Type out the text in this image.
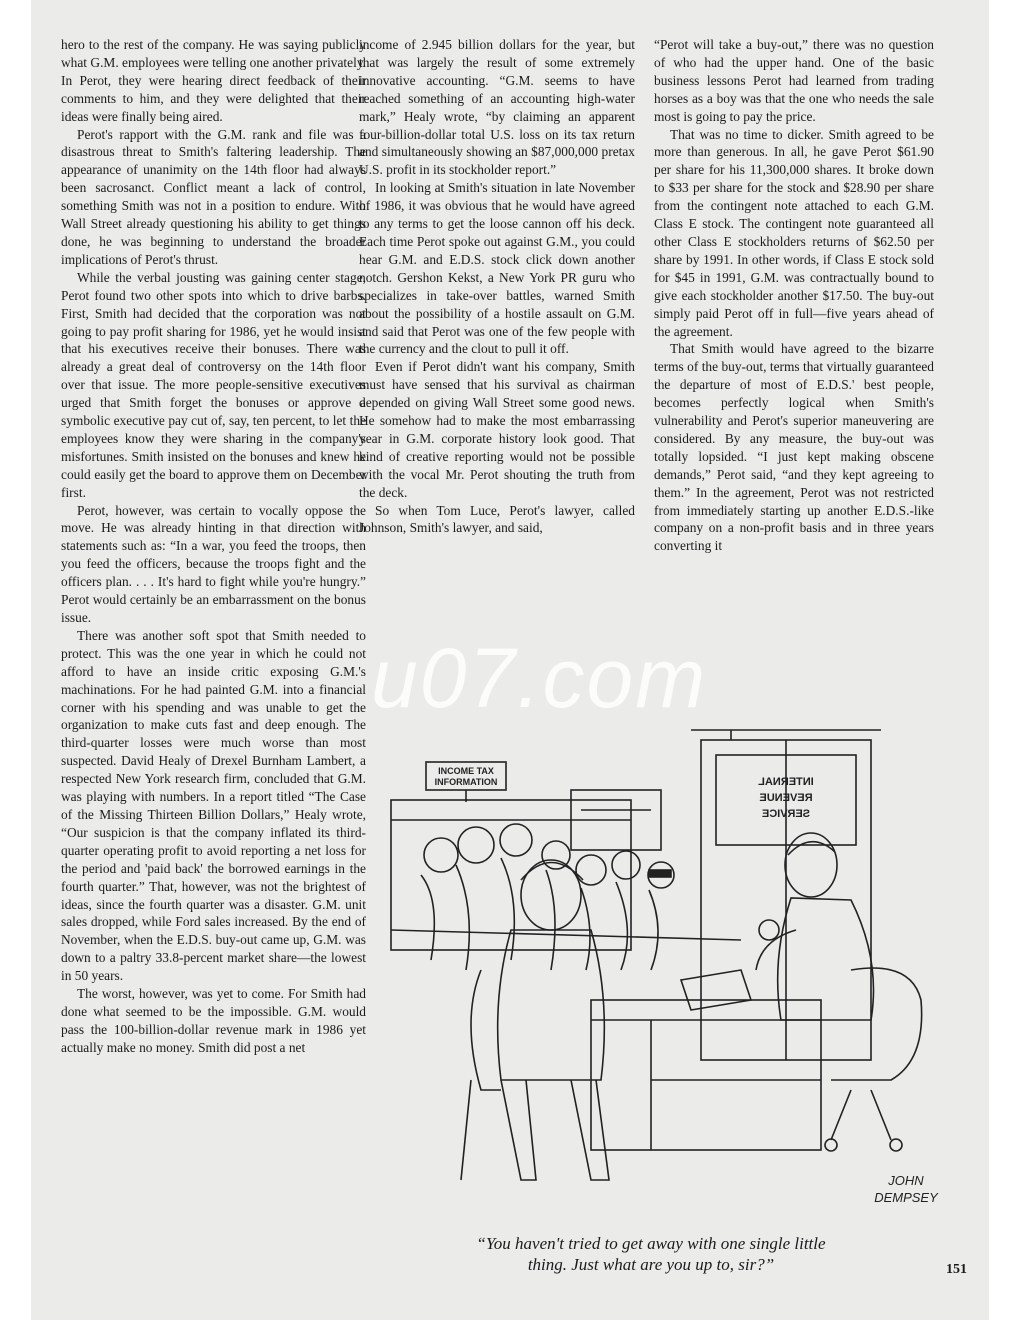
hero to the rest of the company. He was saying publicly what G.M. employees were telling one another privately. In Perot, they were hearing direct feedback of their comments to him, and they were delighted that their ideas were finally being aired.

Perot's rapport with the G.M. rank and file was a disastrous threat to Smith's faltering leadership. The appearance of unanimity on the 14th floor had always been sacrosanct. Conflict meant a lack of control, something Smith was not in a position to endure. With Wall Street already questioning his ability to get things done, he was beginning to understand the broader implications of Perot's thrust.

While the verbal jousting was gaining center stage, Perot found two other spots into which to drive barbs. First, Smith had decided that the corporation was not going to pay profit sharing for 1986, yet he would insist that his executives receive their bonuses. There was already a great deal of controversy on the 14th floor over that issue. The more people-sensitive executives urged that Smith forget the bonuses or approve a symbolic executive pay cut of, say, ten percent, to let the employees know they were sharing in the company's misfortunes. Smith insisted on the bonuses and knew he could easily get the board to approve them on December first.

Perot, however, was certain to vocally oppose the move. He was already hinting in that direction with statements such as: “In a war, you feed the troops, then you feed the officers, because the troops fight and the officers plan. . . . It's hard to fight while you're hungry.” Perot would certainly be an embarrassment on the bonus issue.

There was another soft spot that Smith needed to protect. This was the one year in which he could not afford to have an inside critic exposing G.M.'s machinations. For he had painted G.M. into a financial corner with his spending and was unable to get the organization to make cuts fast and deep enough. The third-quarter losses were much worse than most suspected. David Healy of Drexel Burnham Lambert, a respected New York research firm, concluded that G.M. was playing with numbers. In a report titled “The Case of the Missing Thirteen Billion Dollars,” Healy wrote, “Our suspicion is that the company inflated its third-quarter operating profit to avoid reporting a net loss for the period and 'paid back' the borrowed earnings in the fourth quarter.” That, however, was not the brightest of ideas, since the fourth quarter was a disaster. G.M. unit sales dropped, while Ford sales increased. By the end of November, when the E.D.S. buy-out came up, G.M. was down to a paltry 33.8-percent market share—the lowest in 50 years.

The worst, however, was yet to come. For Smith had done what seemed to be the impossible. G.M. would pass the 100-billion-dollar revenue mark in 1986 yet actually make no money. Smith did post a net

income of 2.945 billion dollars for the year, but that was largely the result of some extremely innovative accounting. “G.M. seems to have reached something of an accounting high-water mark,” Healy wrote, “by claiming an apparent four-billion-dollar total U.S. loss on its tax return and simultaneously showing an $87,000,000 pretax U.S. profit in its stockholder report.”

In looking at Smith's situation in late November of 1986, it was obvious that he would have agreed to any terms to get the loose cannon off his deck. Each time Perot spoke out against G.M., you could hear G.M. and E.D.S. stock click down another notch. Gershon Kekst, a New York PR guru who specializes in take-over battles, warned Smith about the possibility of a hostile assault on G.M. and said that Perot was one of the few people with the currency and the clout to pull it off.

Even if Perot didn't want his company, Smith must have sensed that his survival as chairman depended on giving Wall Street some good news. He somehow had to make the most embarrassing year in G.M. corporate history look good. That kind of creative reporting would not be possible with the vocal Mr. Perot shouting the truth from the deck.

So when Tom Luce, Perot's lawyer, called Johnson, Smith's lawyer, and said,

“Perot will take a buy-out,” there was no question of who had the upper hand. One of the basic business lessons Perot had learned from trading horses as a boy was that the one who needs the sale most is going to pay the price.

That was no time to dicker. Smith agreed to be more than generous. In all, he gave Perot $61.90 per share for his 11,300,000 shares. It broke down to $33 per share for the stock and $28.90 per share from the contingent note attached to each G.M. Class E stock. The contingent note guaranteed all other Class E stockholders returns of $62.50 per share by 1991. In other words, if Class E stock sold for $45 in 1991, G.M. was contractually bound to give each stockholder another $17.50. The buy-out simply paid Perot off in full—five years ahead of the agreement.

That Smith would have agreed to the bizarre terms of the buy-out, terms that virtually guaranteed the departure of most of E.D.S.' best people, becomes perfectly logical when Smith's vulnerability and Perot's superior maneuvering are considered. By any measure, the buy-out was totally lopsided. “I just kept making obscene demands,” Perot said, “and they kept agreeing to them.” In the agreement, Perot was not restricted from immediately starting up another E.D.S.-like company on a non-profit basis and in three years converting it

INCOME TAX
INFORMATION	INTERNAL
REVENUE
SERVICE
JOHN
DEMPSEY
“You haven't tried to get away with one single little
thing. Just what are you up to, sir?”	151
u07.com
